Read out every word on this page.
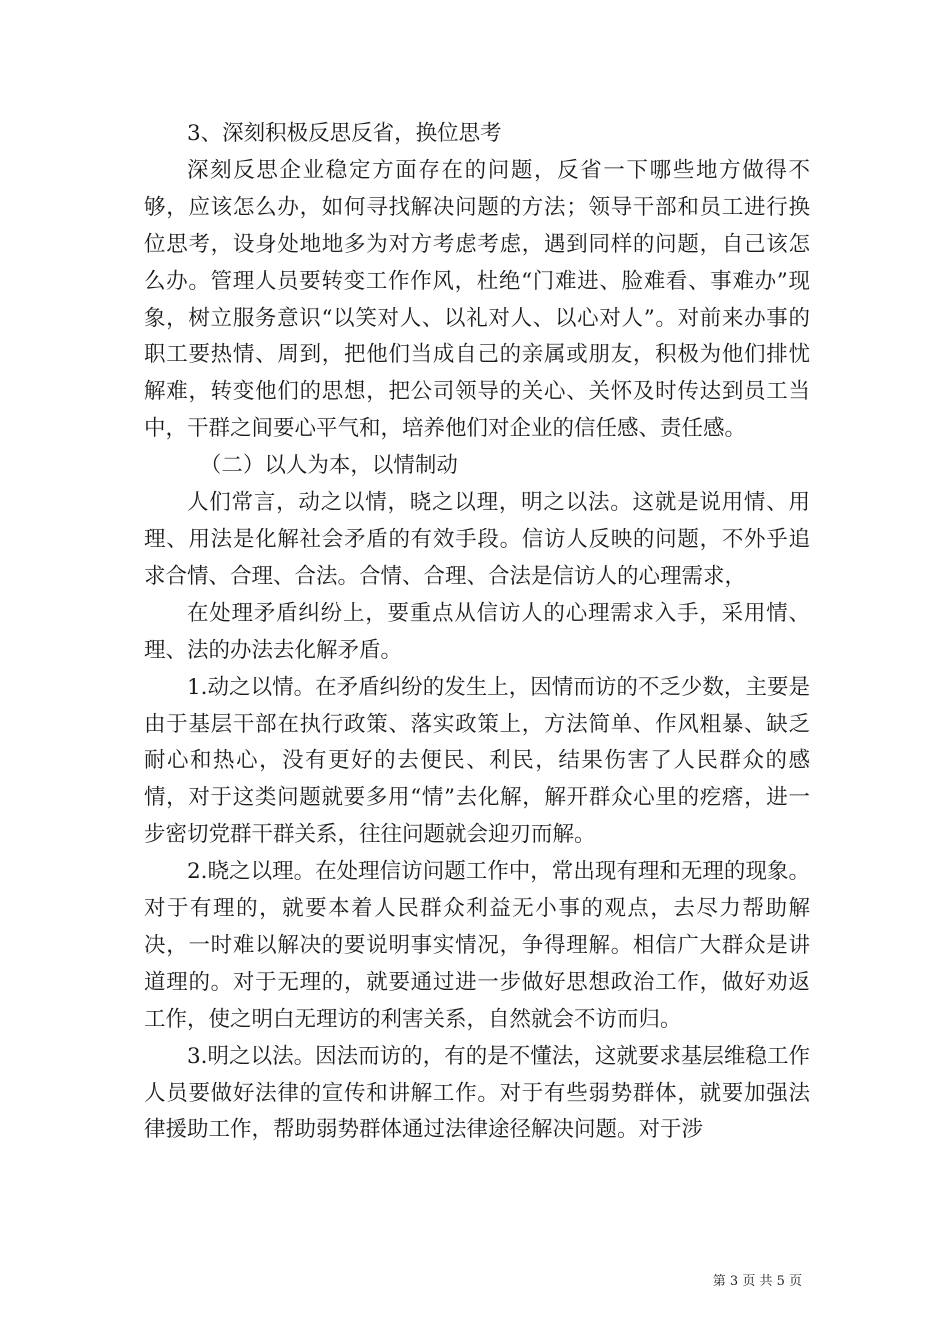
3、深刻积极反思反省，换位思考

深刻反思企业稳定方面存在的问题，反省一下哪些地方做得不够，应该怎么办，如何寻找解决问题的方法；领导干部和员工进行换位思考，设身处地地多为对方考虑考虑，遇到同样的问题，自己该怎么办。管理人员要转变工作作风，杜绝“门难进、脸难看、事难办”现象，树立服务意识“以笑对人、以礼对人、以心对人”。对前来办事的职工要热情、周到，把他们当成自己的亲属或朋友，积极为他们排忧解难，转变他们的思想，把公司领导的关心、关怀及时传达到员工当中，干群之间要心平气和，培养他们对企业的信任感、责任感。

（二）以人为本，以情制动

人们常言，动之以情，晓之以理，明之以法。这就是说用情、用理、用法是化解社会矛盾的有效手段。信访人反映的问题，不外乎追求合情、合理、合法。合情、合理、合法是信访人的心理需求，

在处理矛盾纠纷上，要重点从信访人的心理需求入手，采用情、理、法的办法去化解矛盾。

1.动之以情。在矛盾纠纷的发生上，因情而访的不乏少数，主要是由于基层干部在执行政策、落实政策上，方法简单、作风粗暴、缺乏耐心和热心，没有更好的去便民、利民，结果伤害了人民群众的感情，对于这类问题就要多用“情”去化解，解开群众心里的疙瘩，进一步密切党群干群关系，往往问题就会迎刃而解。

2.晓之以理。在处理信访问题工作中，常出现有理和无理的现象。对于有理的，就要本着人民群众利益无小事的观点，去尽力帮助解决，一时难以解决的要说明事实情况，争得理解。相信广大群众是讲道理的。对于无理的，就要通过进一步做好思想政治工作，做好劝返工作，使之明白无理访的利害关系，自然就会不访而归。

3.明之以法。因法而访的，有的是不懂法，这就要求基层维稳工作人员要做好法律的宣传和讲解工作。对于有些弱势群体，就要加强法律援助工作，帮助弱势群体通过法律途径解决问题。对于涉

第 3 页 共 5 页
